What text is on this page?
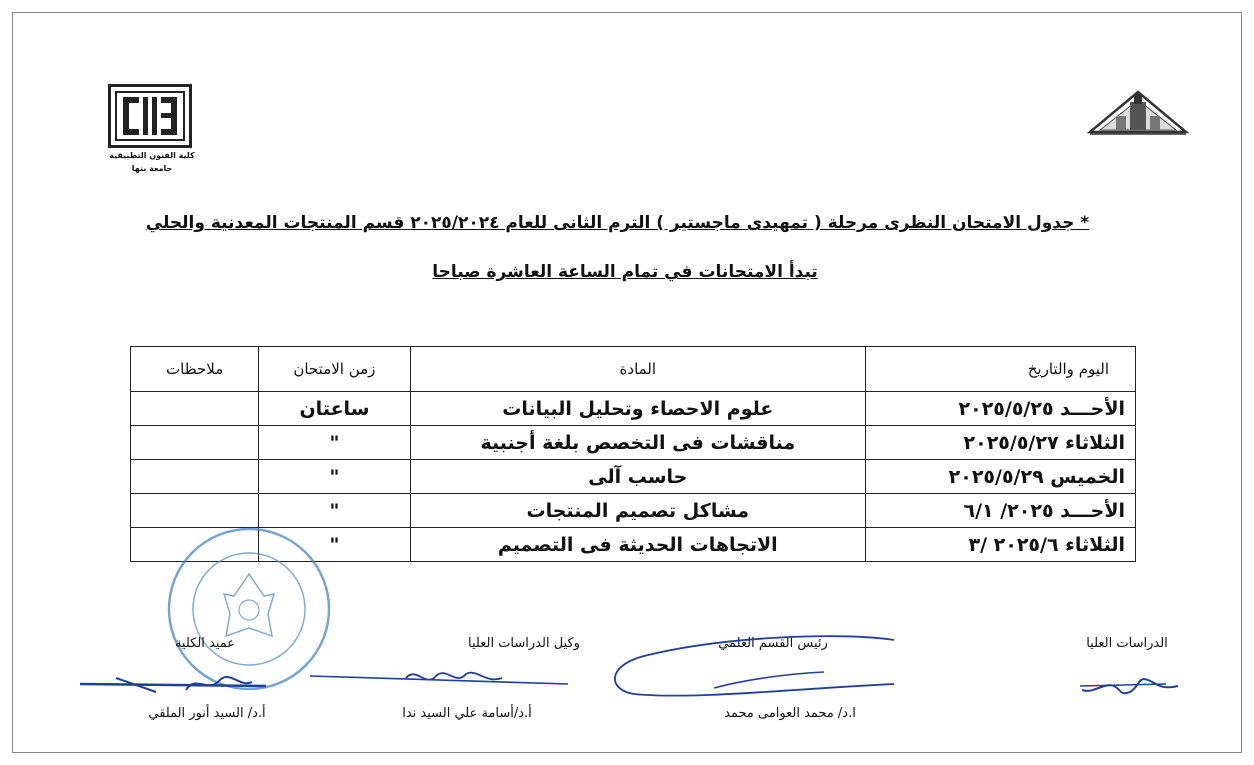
كلية الفنون التطبيقية
جامعة بنها
* جدول الامتحان النظرى مرحلة ( تمهيدى ماجستير ) الترم الثانى للعام ٢٠٢٥/٢٠٢٤ قسم المنتجات المعدنية والحلي
تبدأ الامتحانات في تمام الساعة العاشرة صباحا
اليوم والتاريخ	المادة	زمن الامتحان	ملاحظات
الأحـــد ٢٠٢٥/٥/٢٥	علوم الاحصاء وتحليل البيانات	ساعتان	
الثلاثاء ٢٠٢٥/٥/٢٧	مناقشات فى التخصص بلغة أجنبية	"	
الخميس ٢٠٢٥/٥/٢٩	حاسب آلى	"	
الأحـــد ٢٠٢٥/ ٦/١	مشاكل تصميم المنتجات	"	
الثلاثاء ٢٠٢٥/٦ /٣	الاتجاهات الحديثة فى التصميم	"	
الدراسات العليا
رئيس القسم العلمي
ا.د/ محمد العوامى محمد
وكيل الدراسات العليا
أ.د/أسامة علي السيد ندا
عميد الكلية
أ.د/ السيد أنور الملقي
